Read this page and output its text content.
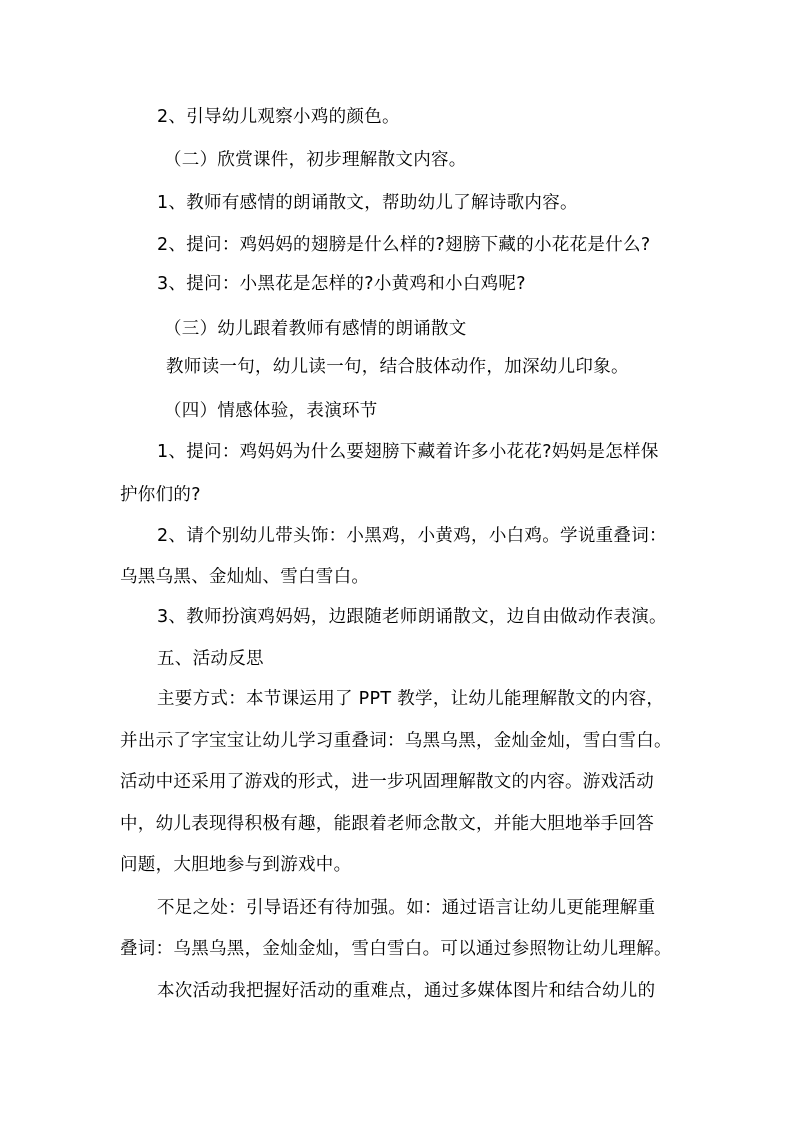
2、引导幼儿观察小鸡的颜色。
（二）欣赏课件，初步理解散文内容。
1、教师有感情的朗诵散文，帮助幼儿了解诗歌内容。
2、提问：鸡妈妈的翅膀是什么样的?翅膀下藏的小花花是什么?
3、提问：小黑花是怎样的?小黄鸡和小白鸡呢?
（三）幼儿跟着教师有感情的朗诵散文
教师读一句，幼儿读一句，结合肢体动作，加深幼儿印象。
（四）情感体验，表演环节
1、提问：鸡妈妈为什么要翅膀下藏着许多小花花?妈妈是怎样保
护你们的?
2、请个别幼儿带头饰：小黑鸡，小黄鸡，小白鸡。学说重叠词：
乌黑乌黑、金灿灿、雪白雪白。
3、教师扮演鸡妈妈，边跟随老师朗诵散文，边自由做动作表演。
五、活动反思
主要方式：本节课运用了 PPT 教学，让幼儿能理解散文的内容，
并出示了字宝宝让幼儿学习重叠词：乌黑乌黑，金灿金灿，雪白雪白。
活动中还采用了游戏的形式，进一步巩固理解散文的内容。游戏活动
中，幼儿表现得积极有趣，能跟着老师念散文，并能大胆地举手回答
问题，大胆地参与到游戏中。
不足之处：引导语还有待加强。如：通过语言让幼儿更能理解重
叠词：乌黑乌黑，金灿金灿，雪白雪白。可以通过参照物让幼儿理解。
本次活动我把握好活动的重难点，通过多媒体图片和结合幼儿的
